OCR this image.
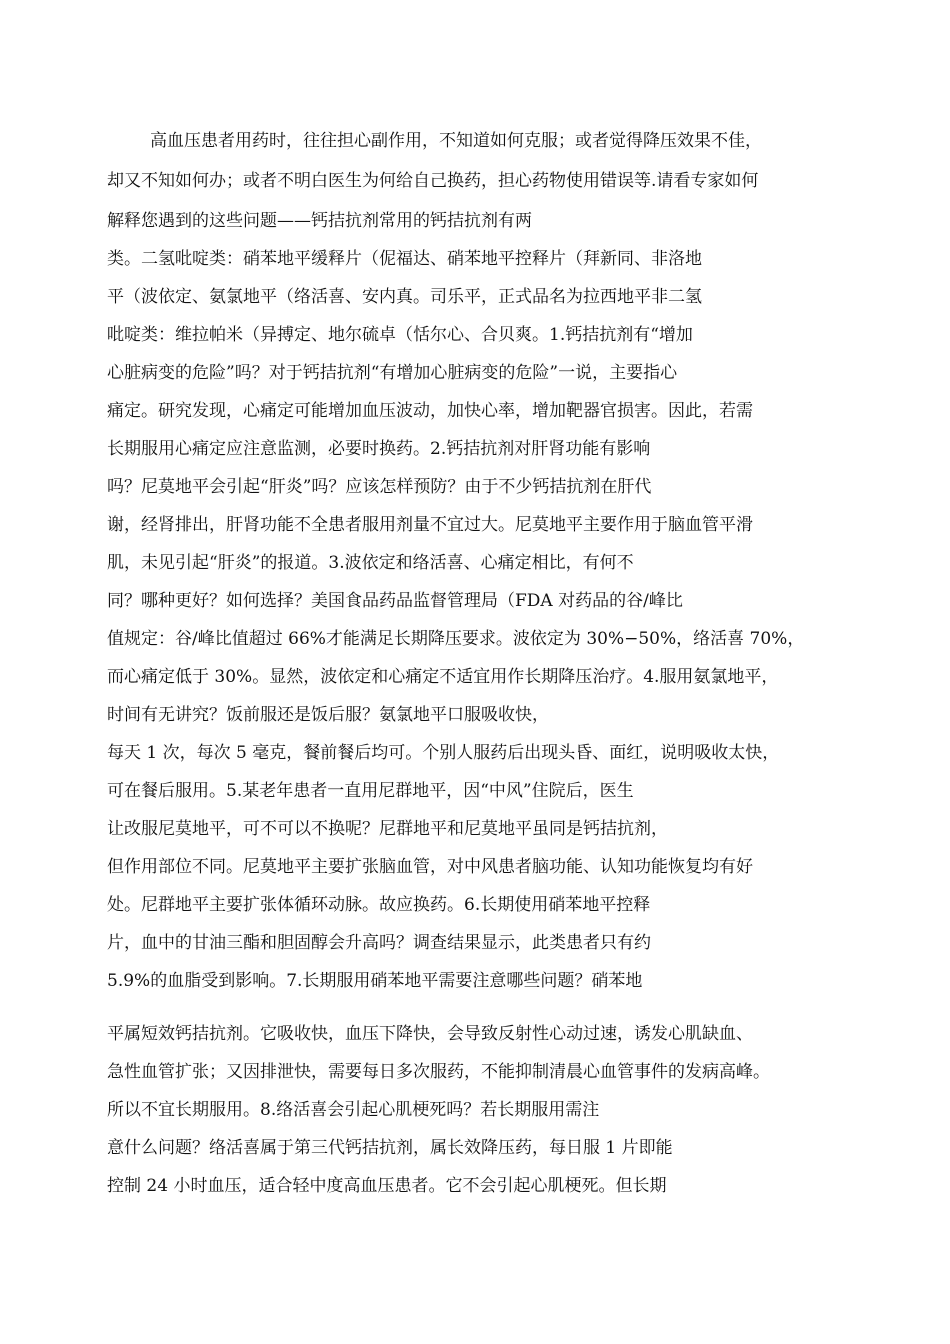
高血压患者用药时，往往担心副作用，不知道如何克服；或者觉得降压效果不佳，

却又不知如何办；或者不明白医生为何给自己换药，担心药物使用错误等.请看专家如何

解释您遇到的这些问题——钙拮抗剂常用的钙拮抗剂有两

类。二氢吡啶类：硝苯地平缓释片（伲福达、硝苯地平控释片（拜新同、非洛地

平（波依定、氨氯地平（络活喜、安内真。司乐平，正式品名为拉西地平非二氢

吡啶类：维拉帕米（异搏定、地尔硫卓（恬尔心、合贝爽。1.钙拮抗剂有“增加

心脏病变的危险”吗？对于钙拮抗剂“有增加心脏病变的危险”一说，主要指心

痛定。研究发现，心痛定可能增加血压波动，加快心率，增加靶器官损害。因此，若需

长期服用心痛定应注意监测，必要时换药。2.钙拮抗剂对肝肾功能有影响

吗？尼莫地平会引起“肝炎”吗？应该怎样预防？由于不少钙拮抗剂在肝代

谢，经肾排出，肝肾功能不全患者服用剂量不宜过大。尼莫地平主要作用于脑血管平滑

肌，未见引起“肝炎”的报道。3.波依定和络活喜、心痛定相比，有何不

同？哪种更好？如何选择？美国食品药品监督管理局（FDA 对药品的谷/峰比

值规定：谷/峰比值超过 66%才能满足长期降压要求。波依定为 30%−50%，络活喜 70%，

而心痛定低于 30%。显然，波依定和心痛定不适宜用作长期降压治疗。4.服用氨氯地平，

时间有无讲究？饭前服还是饭后服？氨氯地平口服吸收快，

每天 1 次，每次 5 毫克，餐前餐后均可。个别人服药后出现头昏、面红，说明吸收太快，

可在餐后服用。5.某老年患者一直用尼群地平，因“中风”住院后，医生

让改服尼莫地平，可不可以不换呢？尼群地平和尼莫地平虽同是钙拮抗剂，

但作用部位不同。尼莫地平主要扩张脑血管，对中风患者脑功能、认知功能恢复均有好

处。尼群地平主要扩张体循环动脉。故应换药。6.长期使用硝苯地平控释

片，血中的甘油三酯和胆固醇会升高吗？调查结果显示，此类患者只有约

5.9%的血脂受到影响。7.长期服用硝苯地平需要注意哪些问题？硝苯地

平属短效钙拮抗剂。它吸收快，血压下降快，会导致反射性心动过速，诱发心肌缺血、

急性血管扩张；又因排泄快，需要每日多次服药，不能抑制清晨心血管事件的发病高峰。

所以不宜长期服用。8.络活喜会引起心肌梗死吗？若长期服用需注

意什么问题？络活喜属于第三代钙拮抗剂，属长效降压药，每日服 1 片即能

控制 24 小时血压，适合轻中度高血压患者。它不会引起心肌梗死。但长期
